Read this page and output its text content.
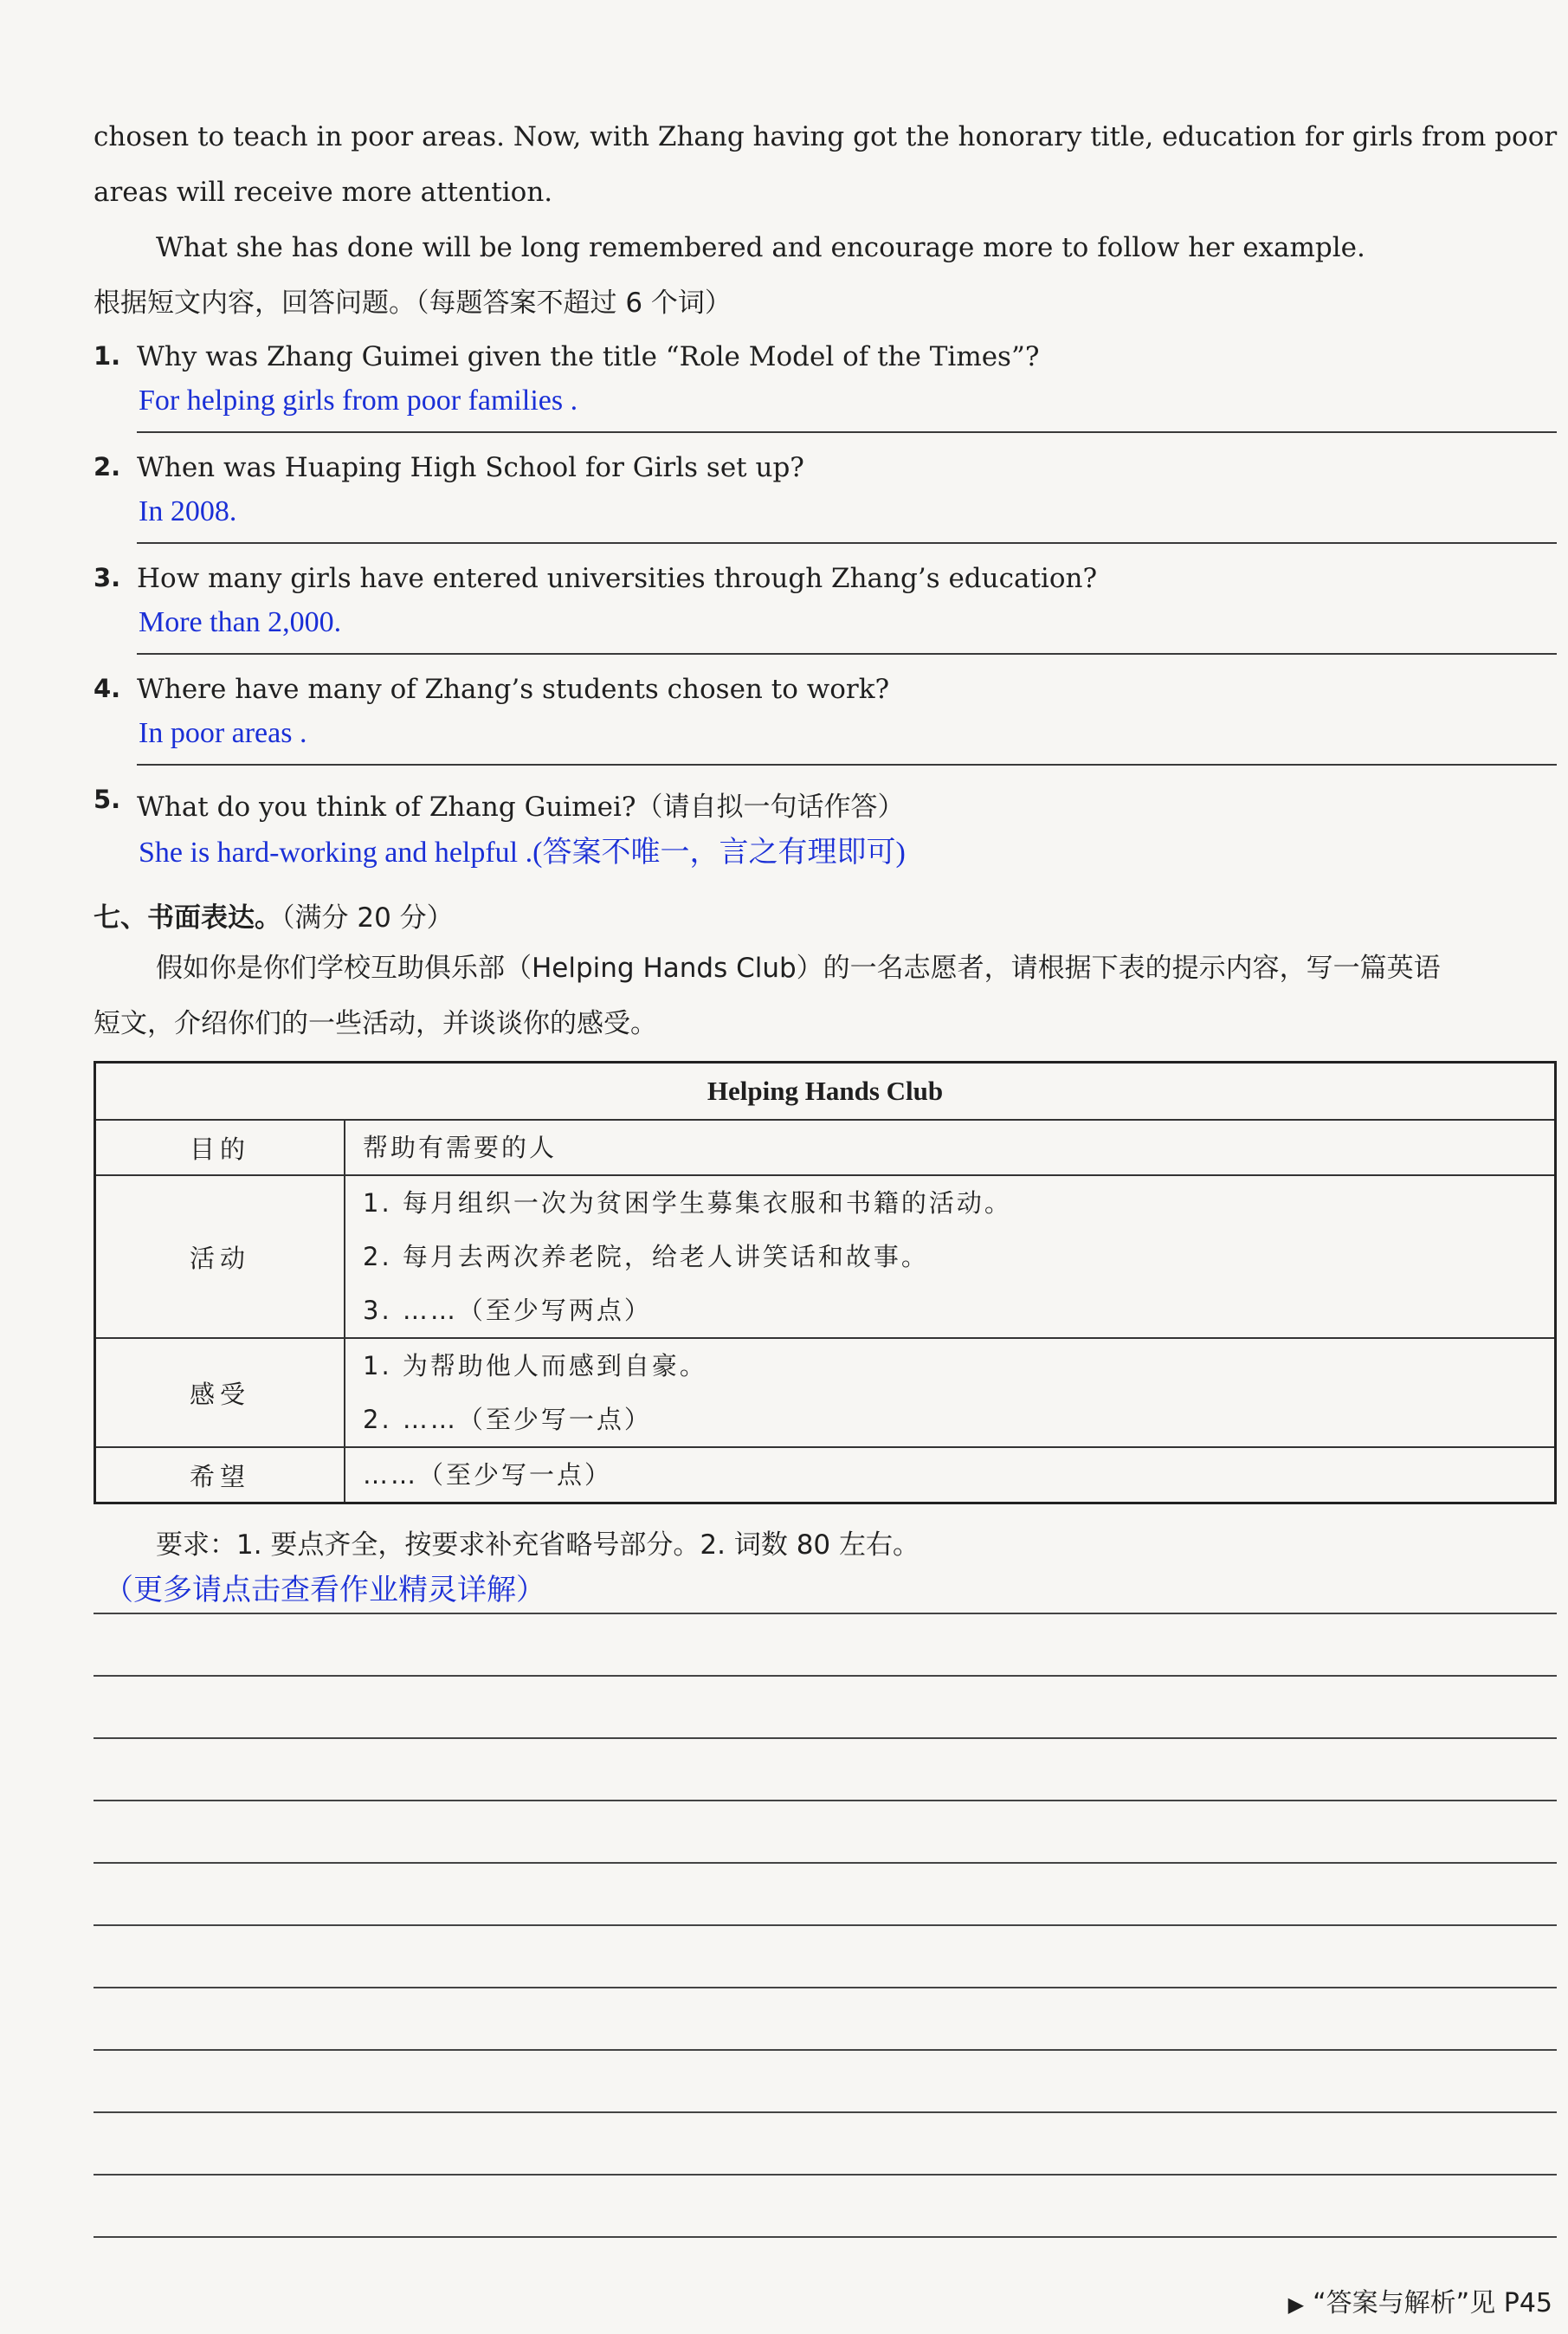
chosen to teach in poor areas. Now, with Zhang having got the honorary title, education for girls from poor
areas will receive more attention.
What she has done will be long remembered and encourage more to follow her example.
根据短文内容，回答问题。（每题答案不超过 6 个词）
1. Why was Zhang Guimei given the title “Role Model of the Times”?
For helping girls from poor families .
2. When was Huaping High School for Girls set up?
In 2008.
3. How many girls have entered universities through Zhang’s education?
More than 2,000.
4. Where have many of Zhang’s students chosen to work?
In poor areas .
5. What do you think of Zhang Guimei?（请自拟一句话作答）
She is hard-working and helpful .(答案不唯一，言之有理即可)
七、书面表达。（满分 20 分）
假如你是你们学校互助俱乐部（Helping Hands Club）的一名志愿者，请根据下表的提示内容，写一篇英语
短文，介绍你们的一些活动，并谈谈你的感受。
Helping Hands Club	
目的	帮助有需要的人

活动	1. 每月组织一次为贫困学生募集衣服和书籍的活动。
2. 每月去两次养老院，给老人讲笑话和故事。
3. ……（至少写两点）

感受	1. 为帮助他人而感到自豪。
2. ……（至少写一点）

希望	……（至少写一点）
要求：1. 要点齐全，按要求补充省略号部分。2. 词数 80 左右。
（更多请点击查看作业精灵详解）
▶ “答案与解析”见 P45
